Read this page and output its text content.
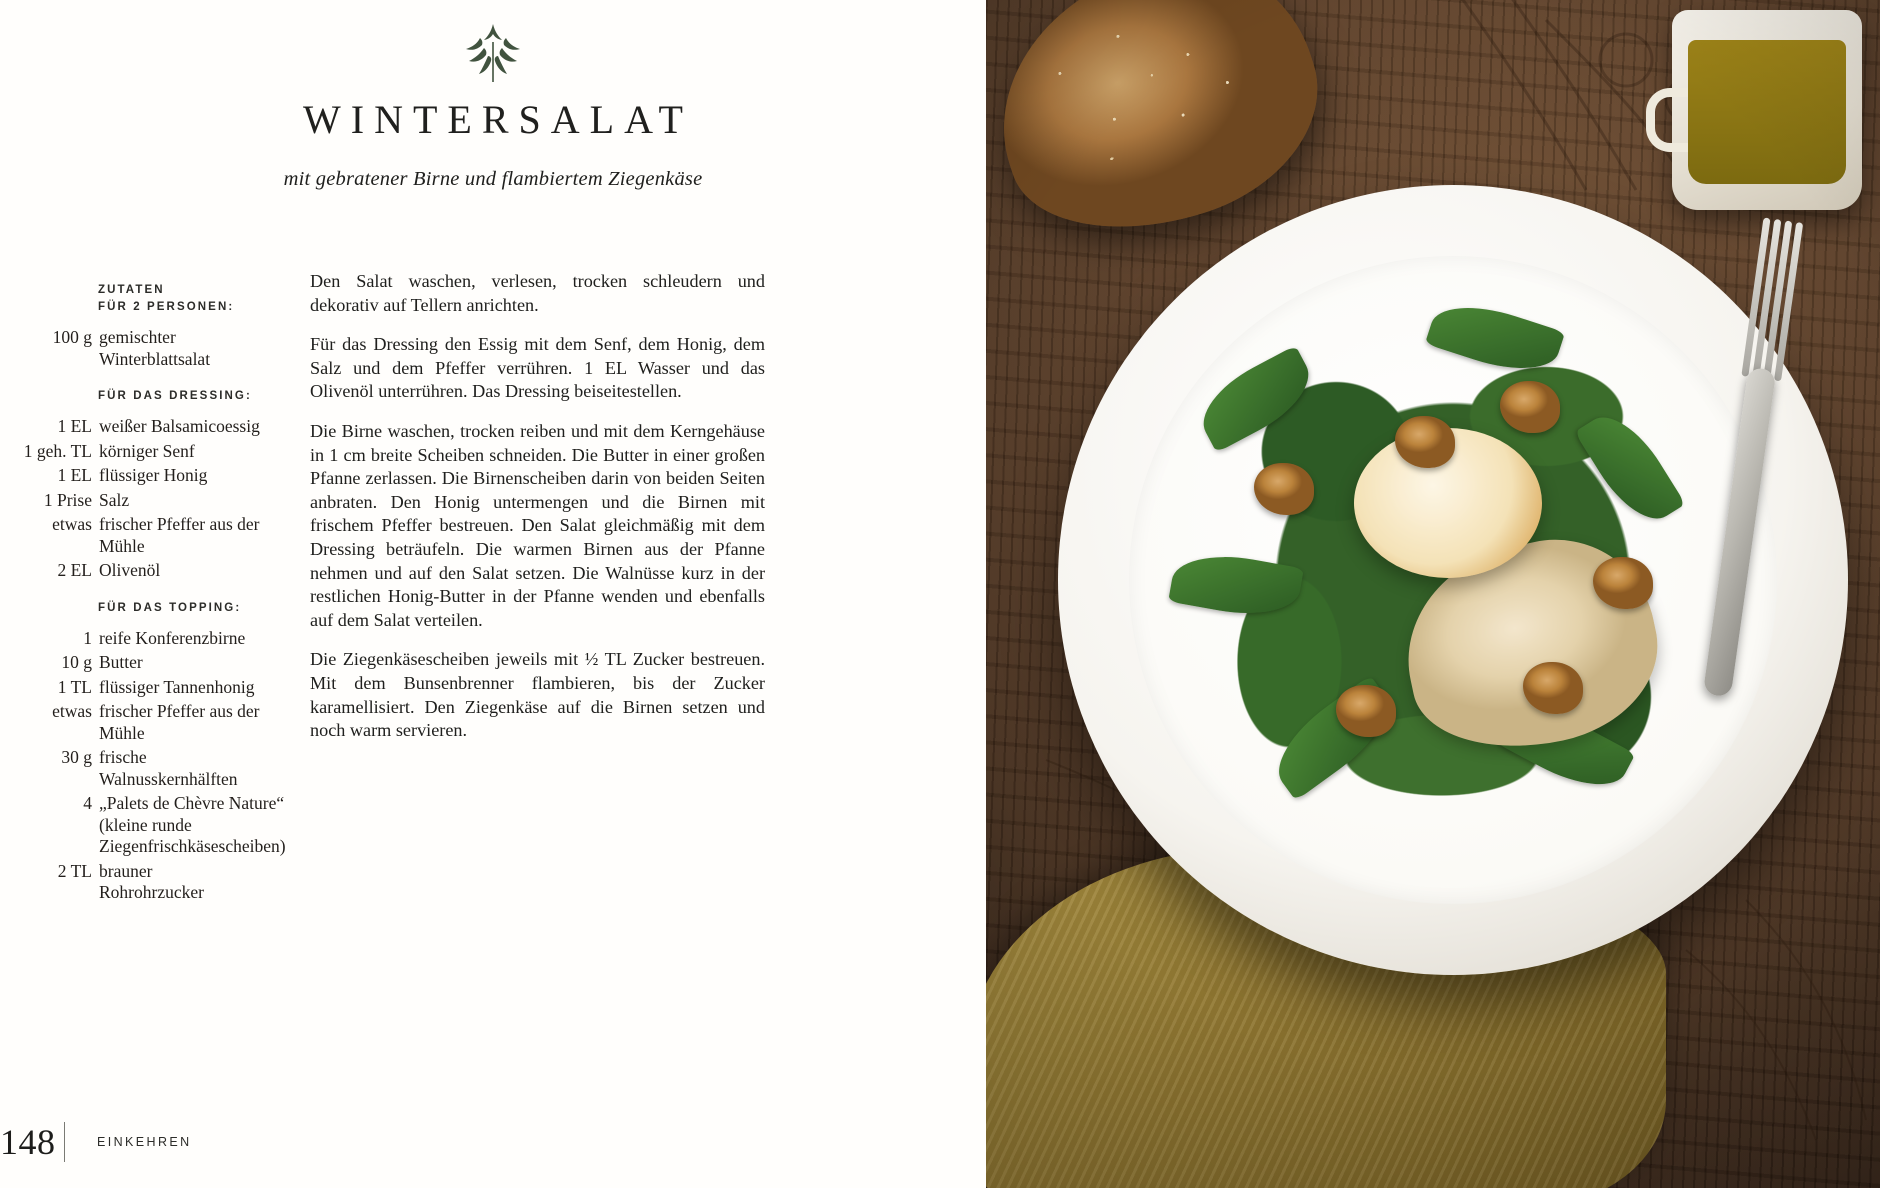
WINTERSALAT
mit gebratener Birne und flambiertem Ziegenkäse
ZUTATEN
FÜR 2 PERSONEN:
100 g gemischter Winterblattsalat
FÜR DAS DRESSING:
1 EL weißer Balsamicoessig
1 geh. TL körniger Senf
1 EL flüssiger Honig
1 Prise Salz
etwas frischer Pfeffer aus der Mühle
2 EL Olivenöl
FÜR DAS TOPPING:
1 reife Konferenzbirne
10 g Butter
1 TL flüssiger Tannenhonig
etwas frischer Pfeffer aus der Mühle
30 g frische Walnusskernhälften
4 „Palets de Chèvre Nature“ (kleine runde Ziegenfrischkäsescheiben)
2 TL brauner Rohrohrzucker

Den Salat waschen, verlesen, trocken schleudern und dekorativ auf Tellern anrichten.

Für das Dressing den Essig mit dem Senf, dem Honig, dem Salz und dem Pfeffer verrühren. 1 EL Wasser und das Olivenöl unterrühren. Das Dressing beiseitestellen.

Die Birne waschen, trocken reiben und mit dem Kerngehäuse in 1 cm breite Scheiben schneiden. Die Butter in einer großen Pfanne zerlassen. Die Birnenscheiben darin von beiden Seiten anbraten. Den Honig untermengen und die Birnen mit frischem Pfeffer bestreuen. Den Salat gleichmäßig mit dem Dressing beträufeln. Die warmen Birnen aus der Pfanne nehmen und auf den Salat setzen. Die Walnüsse kurz in der restlichen Honig-Butter in der Pfanne wenden und ebenfalls auf dem Salat verteilen.

Die Ziegenkäsescheiben jeweils mit ½ TL Zucker bestreuen. Mit dem Bunsenbrenner flambieren, bis der Zucker karamellisiert. Den Ziegenkäse auf die Birnen setzen und noch warm servieren.

148	EINKEHREN
